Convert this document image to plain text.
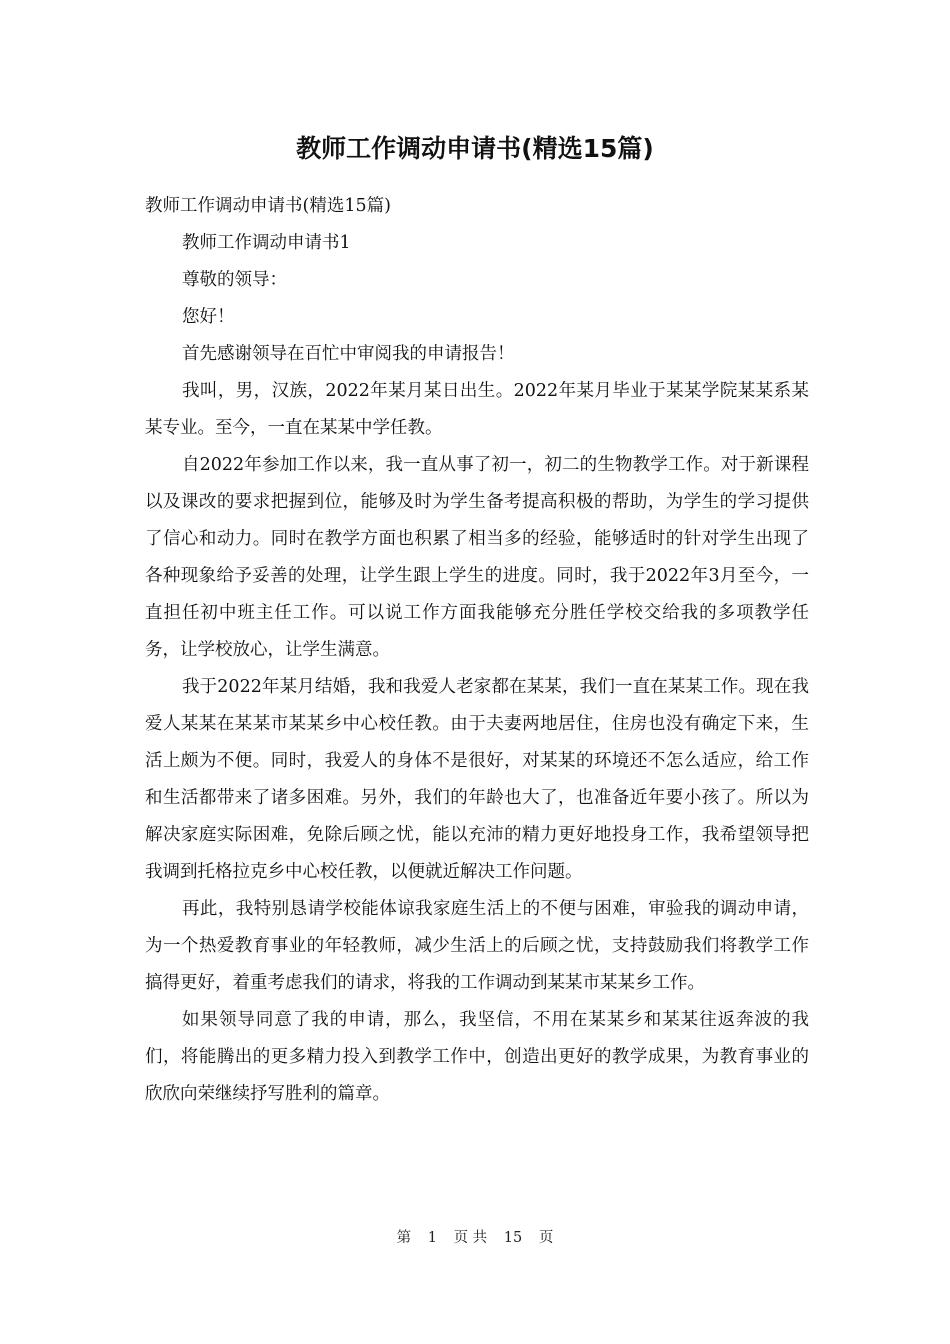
教师工作调动申请书(精选15篇)

教师工作调动申请书(精选15篇)

教师工作调动申请书1

尊敬的领导：

您好！

首先感谢领导在百忙中审阅我的申请报告！

我叫，男，汉族，2022年某月某日出生。2022年某月毕业于某某学院某某系某某专业。至今，一直在某某中学任教。

自2022年参加工作以来，我一直从事了初一，初二的生物教学工作。对于新课程以及课改的要求把握到位，能够及时为学生备考提高积极的帮助，为学生的学习提供了信心和动力。同时在教学方面也积累了相当多的经验，能够适时的针对学生出现了各种现象给予妥善的处理，让学生跟上学生的进度。同时，我于2022年3月至今，一直担任初中班主任工作。可以说工作方面我能够充分胜任学校交给我的多项教学任务，让学校放心，让学生满意。

我于2022年某月结婚，我和我爱人老家都在某某，我们一直在某某工作。现在我爱人某某在某某市某某乡中心校任教。由于夫妻两地居住，住房也没有确定下来，生活上颇为不便。同时，我爱人的身体不是很好，对某某的环境还不怎么适应，给工作和生活都带来了诸多困难。另外，我们的年龄也大了，也准备近年要小孩了。所以为解决家庭实际困难，免除后顾之忧，能以充沛的精力更好地投身工作，我希望领导把我调到托格拉克乡中心校任教，以便就近解决工作问题。

再此，我特别恳请学校能体谅我家庭生活上的不便与困难，审验我的调动申请，为一个热爱教育事业的年轻教师，减少生活上的后顾之忧，支持鼓励我们将教学工作搞得更好，着重考虑我们的请求，将我的工作调动到某某市某某乡工作。

如果领导同意了我的申请，那么，我坚信，不用在某某乡和某某往返奔波的我们，将能腾出的更多精力投入到教学工作中，创造出更好的教学成果，为教育事业的欣欣向荣继续抒写胜利的篇章。

第 1 页 共 15 页
